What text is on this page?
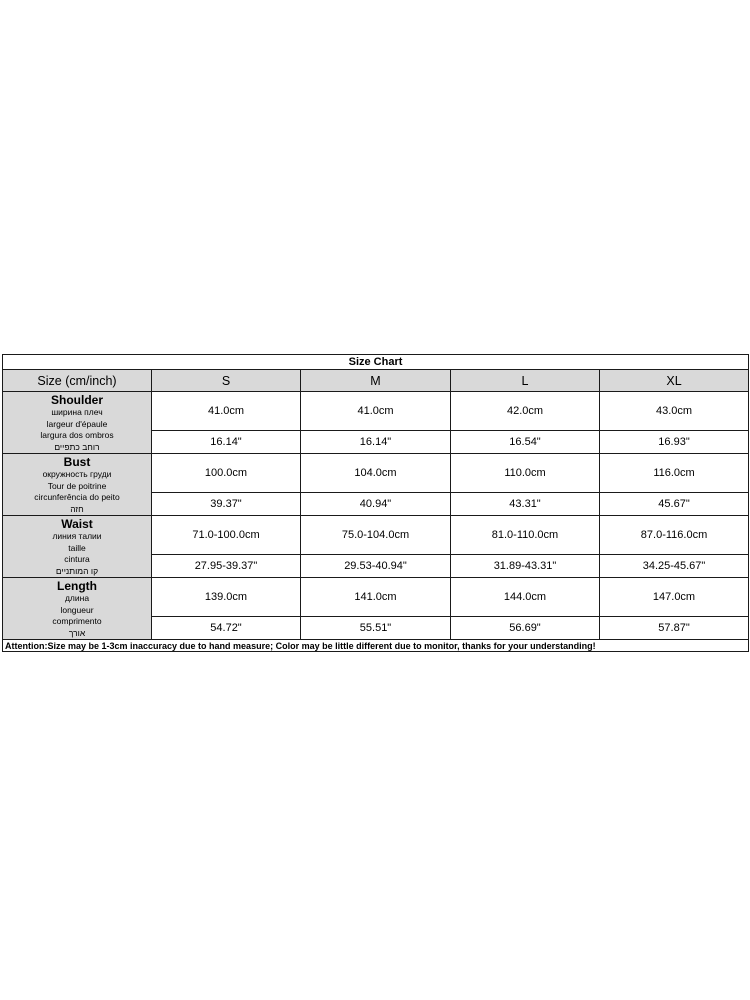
Size Chart				
Size (cm/inch)	S	M	L	XL

Shoulder
ширина плеч
largeur d'épaule
largura dos ombros
רוחב כתפיים	41.0cm	41.0cm	42.0cm	43.0cm
	16.14"	16.14"	16.54"	16.93"

Bust
окружность груди
Tour de poitrine
circunferência do peito
חזה	100.0cm	104.0cm	110.0cm	116.0cm
	39.37"	40.94"	43.31"	45.67"

Waist
линия талии
taille
cintura
קו המותניים	71.0-100.0cm	75.0-104.0cm	81.0-110.0cm	87.0-116.0cm
	27.95-39.37"	29.53-40.94"	31.89-43.31"	34.25-45.67"

Length
длина
longueur
comprimento
אורך	139.0cm	141.0cm	144.0cm	147.0cm
	54.72"	55.51"	56.69"	57.87"
Attention:Size may be 1-3cm inaccuracy due to hand measure; Color may be little different due to monitor, thanks for your understanding!				
